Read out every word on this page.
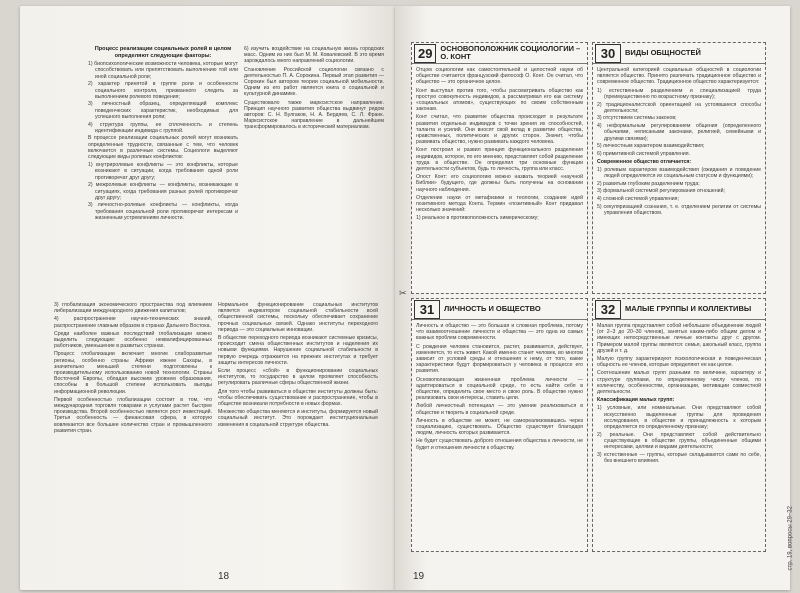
Процесс реализации социальных ролей в целом определяют следующие факторы:

1) биопсихологические возможности человека, которые могут способствовать или препятствовать выполнению той или иной социальной роли;

2) характер принятой в группе роли и особенности социального контроля, призванного следить за выполнением ролевого поведения;

3) личностный образец, определяющий комплекс поведенческих характеристик, необходимых для успешного выполнения роли;

4) структура группы, ее сплоченность и степень идентификации индивида с группой.

В процессе реализации социальных ролей могут возникать определенные трудности, связанные с тем, что человек включается в различные системы. Социологи выделяют следующие виды ролевых конфликтов:

1) внутриролевые конфликты — это конфликты, которые возникают в ситуации, когда требования одной роли противоречат друг другу;

2) межролевые конфликты — конфликты, возникающие в ситуациях, когда требования разных ролей противоречат друг другу;

3) личностно-ролевые конфликты — конфликты, когда требования социальной роли противоречат интересам и жизненным устремлениям личности.

6) изучить воздействие на социальную жизнь городских масс. Одним из них был М. М. Ковалевский. В это время зарождалось много направлений социологии.

Становление Российской социологии связано с деятельностью П. А. Сорокина. Первый этап развития — Сорокин был автором теории социальной мобильности. Одним из его работ является книга о социальной и культурной динамике.

Существовало также марксистское направление. Принцип научного развития общества выдвинут рядом авторов: С. Н. Булгаков, Н. А. Бердяев, С. Л. Франк. Марксистское направление в дальнейшем трансформировалось в исторический материализм.

3) глобализация экономического пространства под влиянием либерализации международного движения капиталов;

4) распространение научно-технических знаний, распространение главным образом в странах Дальнего Востока.

Среди наиболее важных последствий глобализации можно выделить следующие: особенно неквалифицированных работников, уменьшение в развитых странах.

Процесс глобализации включает многие слаборазвитые регионы, особенно страны Африки южнее Сахары, в значительно меньшей степени подготовлены к производительному использованию новой технологии. Страны Восточной Европы, обладая высоким уровнем образования, способны в большой степени использовать выгоды информационной революции.

Первой особенностью глобализации состоит в том, что международная торговля товарами и услугами растет быстрее производства. Второй особенностью является рост инвестиций. Третья особенность — финансовая сфера, в которую вовлекается все большее количество стран и промышленного развития стран.

Нормальное функционирование социальных институтов является индикатором социальной стабильности всей общественной системы, поскольку обеспечивает сохранение прочных социальных связей. Однако институты переходного периода — это социальные инновации.

В обществе переходного периода возникают системные кризисы, происходит смена общественных институтов и наделения их новыми функциями. Нарушение социальной стабильности в первую очередь отражается на прежних институтах и требует защиты интересов личности.

Если процесс «сбой» в функционировании социальных институтов, то государство в целом проявляет способность регулировать различные сферы общественной жизни.

Для того чтобы развиваться в обществе институты должны быть: чтобы обеспечивать существование и распространение, чтобы в обществе возникали потребности в новых формах.

Множество общества меняются и институты, формируется новый социальный институт. Это порождает институциональные изменения в социальной структуре общества.

18
29	ОСНОВОПОЛОЖНИК СОЦИОЛОГИИ – О. КОНТ

Отцом социологии как самостоятельной и целостной науки об обществе считается французский философ О. Конт. Он считал, что общество — это органичное целое.

Конт выступал против того, чтобы рассматривать общество как простую совокупность индивидов, а рассматривал его как систему «социальных атомов», существующих по своим собственным законам.

Конт считал, что развитие общества происходит в результате развития отдельных индивидов с точки зрения их способностей, таланта и усилий. Они вносят свой вклад в развитие общества, нравственных, политических и других сторон. Значит, чтобы развивать общество, нужно развивать каждого человека.

Конт построил и развил принцип функционального разделения индивидов, которое, по его мнению, представляет собой разделение труда в обществе. Он определил три основные функции деятельности субъектов, будь то личность, группа или класс.

Огюст Конт: его социологию можно назвать теорией «научной Библии» будущего, где должны быть получены на основании научного наблюдения.

Отделение науки от метафизики и теологии, создание идей позитивного метода Конта. Термин «позитивный» Конт придавал несколько значений:

1) реальное в противоположность химерическому;

30	ВИДЫ ОБЩНОСТЕЙ

Центральной категорией социальных общностей в социологии является общество. Принято различать традиционное общество и современное общество. Традиционное общество характеризуется:

1) естественным разделением и специализацией труда (преимущественно по возрастному признаку);

2) традиционалистской ориентацией на устоявшиеся способы деятельности;

3) отсутствием системы законов;

4) неформальным регулированием общения (определенного обычаями, неписаными законами, религией, семейными и другими связями);

5) личностным характером взаимодействия;

6) примитивной системой управления.

Современное общество отличается:

1) ролевым характером взаимодействия (ожидания и поведение людей определяются их социальным статусом и функциями);

2) развитым глубоким разделением труда;

3) формальной системой регулирования отношений;

4) сложной системой управления;

5) секуляризацией сознания, т. е. отделением религии от системы управления обществом.

✂
31	ЛИЧНОСТЬ И ОБЩЕСТВО

Личность и общество — это большая и сложная проблема, потому что взаимоотношение личности и общества — это одна из самых важных проблем современности.

С рождения человек становится, растет, развивается, действует, изменяется, то есть живет. Какой именно станет человек, во многом зависит от условий среды и отношения к нему, от того, какие характеристики будут формироваться у человека в процессе его развития.

Основополагающая жизненная проблема личности — адаптироваться в социальной среде, то есть найти себя в обществе, определить свое место и свою роль. В обществе нужно реализовать свои интересы, ставить цели.

Любой личностный потенциал — это умение реализоваться в обществе и творить в социальной среде.

Личность в обществе не может, не самореализовавшись через социализацию, существовать. Общество существует благодаря людям, личность которых развивается.

Не будет существовать доброго отношения общества к личности, не будет и отношения личности к обществу.

32	МАЛЫЕ ГРУППЫ И КОЛЛЕКТИВЫ

Малая группа представляет собой небольшое объединение людей (от 2–3 до 20–30 членов), занятых каким-либо общим делом и имеющих непосредственные личные контакты друг с другом. Примером малой группы являются: семья, школьный класс, группа друзей и т. д.

Малую группу характеризуют психологическая и поведенческая общность ее членов, которые определяют ее как целое.

Соотношение малых групп разными по величине, характеру и структуре группами, по определенному числу членов, по количеству, особенностям, организации, мотивации совместной деятельности.

Классификация малых групп:

1) условные, или номинальные. Они представляют собой искусственно выделенные группы для проведения исследования, в обществе и принадлежность к которым определяется по определенному признаку;

2) реальные. Они представляют собой действительно существующие в обществе группы, объединенные общими интересами, целями и видами деятельности;

3) естественные — группы, которые складываются сами по себе, без внешнего влияния.

стр. 19, вопросы 29–32
19
